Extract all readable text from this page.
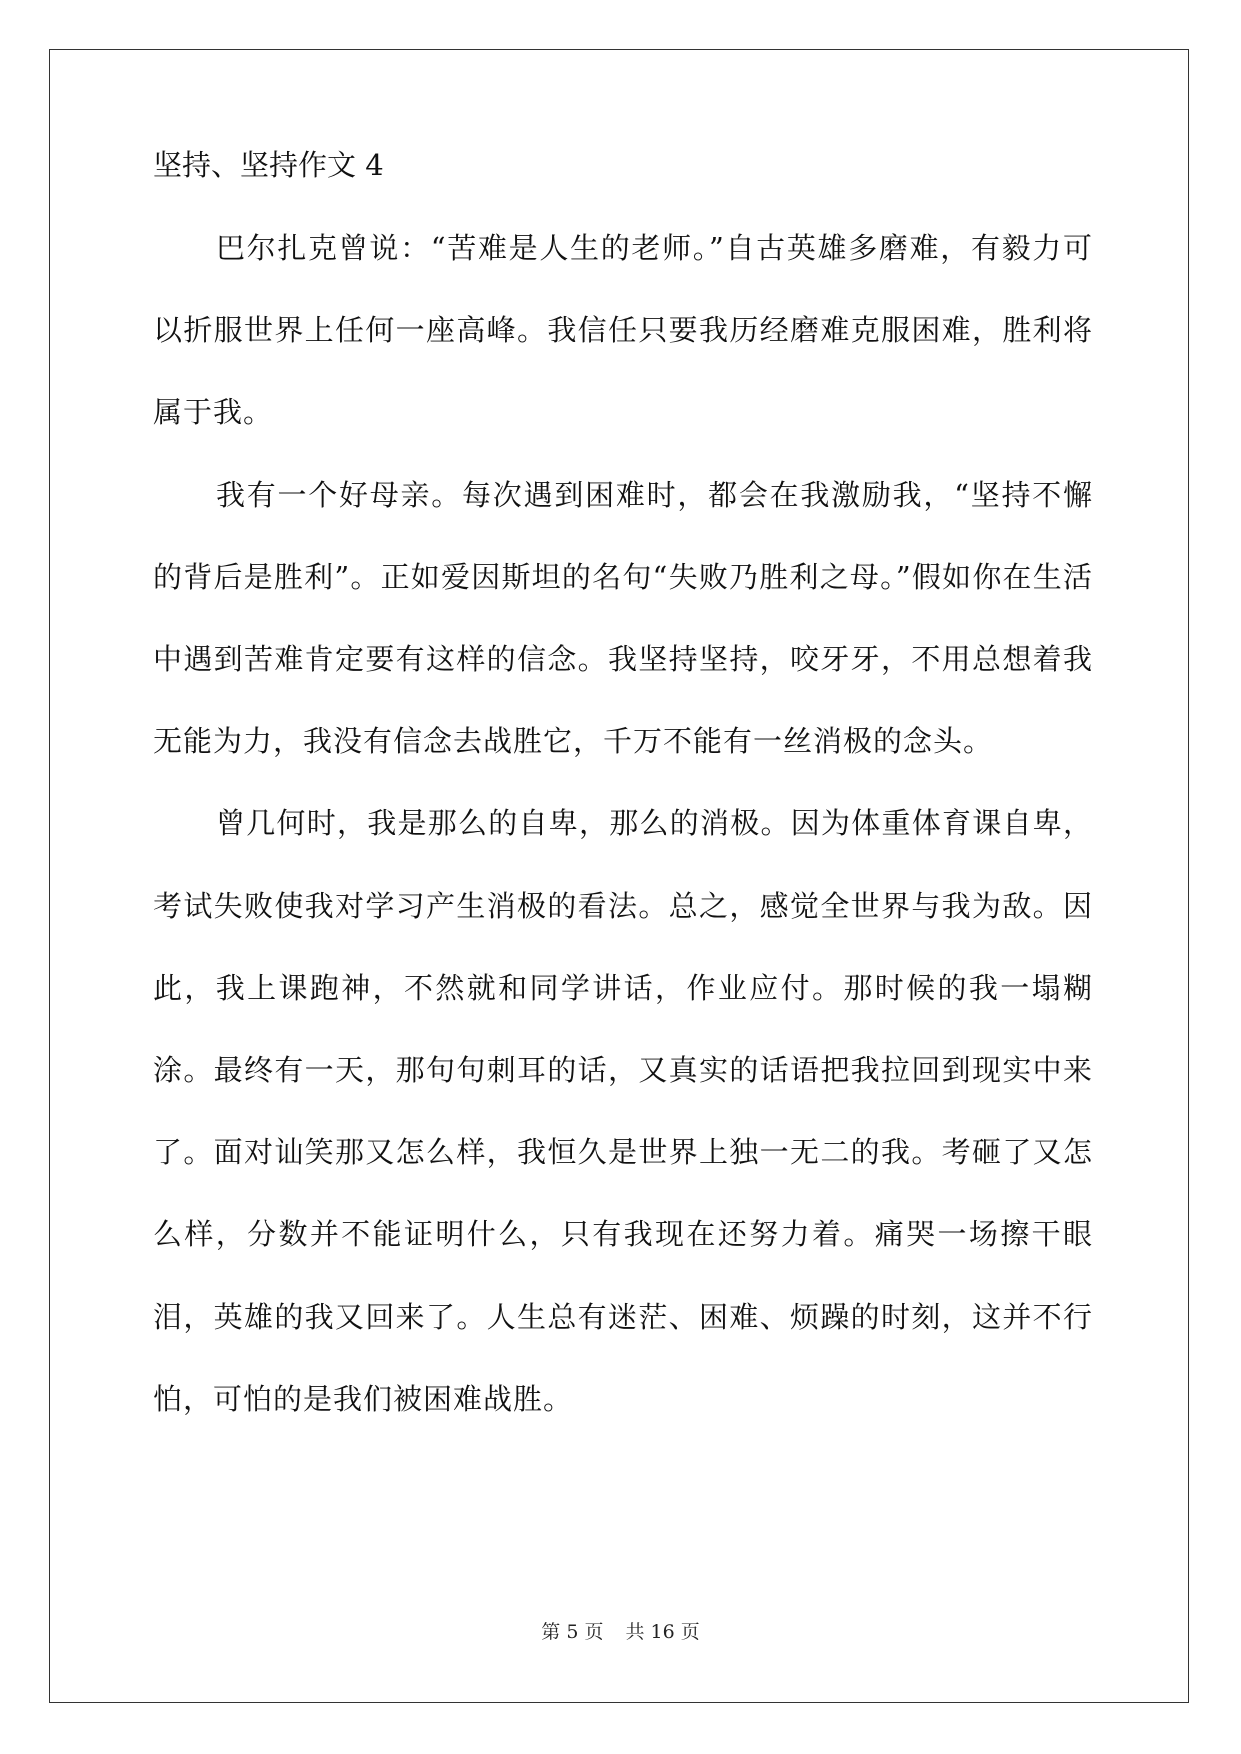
坚持、坚持作文 4

巴尔扎克曾说：“苦难是人生的老师。”自古英雄多磨难，有毅力可以折服世界上任何一座高峰。我信任只要我历经磨难克服困难，胜利将属于我。

我有一个好母亲。每次遇到困难时，都会在我激励我，“坚持不懈的背后是胜利”。正如爱因斯坦的名句“失败乃胜利之母。”假如你在生活中遇到苦难肯定要有这样的信念。我坚持坚持，咬牙牙，不用总想着我无能为力，我没有信念去战胜它，千万不能有一丝消极的念头。

曾几何时，我是那么的自卑，那么的消极。因为体重体育课自卑，考试失败使我对学习产生消极的看法。总之，感觉全世界与我为敌。因此，我上课跑神，不然就和同学讲话，作业应付。那时候的我一塌糊涂。最终有一天，那句句刺耳的话，又真实的话语把我拉回到现实中来了。面对讪笑那又怎么样，我恒久是世界上独一无二的我。考砸了又怎么样，分数并不能证明什么，只有我现在还努力着。痛哭一场擦干眼泪，英雄的我又回来了。人生总有迷茫、困难、烦躁的时刻，这并不行怕，可怕的是我们被困难战胜。

第 5 页 共 16 页
